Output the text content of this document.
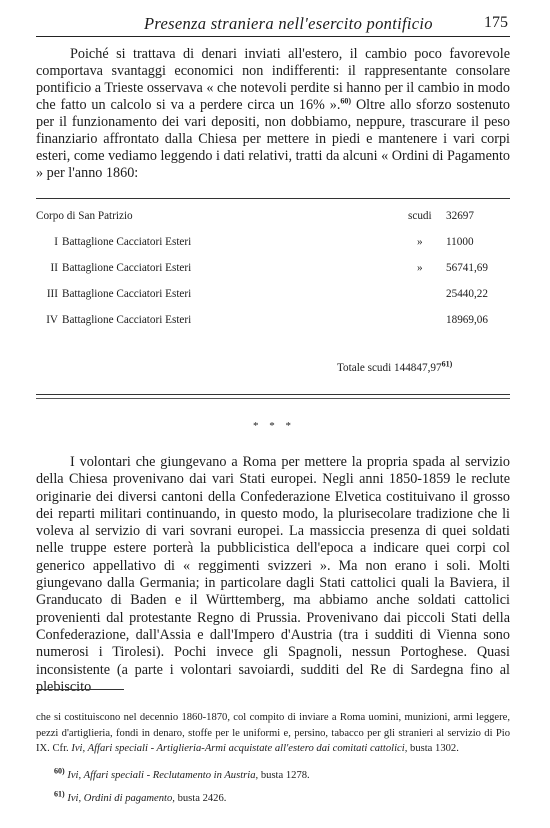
Presenza straniera nell'esercito pontificio	175
Poiché si trattava di denari inviati all'estero, il cambio poco favorevole comportava svantaggi economici non indifferenti: il rappresentante consolare pontificio a Trieste osservava « che notevoli perdite si hanno per il cambio in modo che fatto un calcolo si va a perdere circa un 16% ».$^{60)}$ Oltre allo sforzo sostenuto per il funzionamento dei vari depositi, non dobbiamo, neppure, trascurare il peso finanziario affrontato dalla Chiesa per mettere in piedi e mantenere i vari corpi esteri, come vediamo leggendo i dati relativi, tratti da alcuni « Ordini di Pagamento » per l'anno 1860:
Corpo di San Patrizio	scudi 32697
I Battaglione Cacciatori Esteri	» 11000
II Battaglione Cacciatori Esteri	» 56741,69
III Battaglione Cacciatori Esteri	25440,22
IV Battaglione Cacciatori Esteri	18969,06
Totale scudi 144847,97$^{61)}$
* * *
I volontari che giungevano a Roma per mettere la propria spada al servizio della Chiesa provenivano dai vari Stati europei. Negli anni 1850-1859 le reclute originarie dei diversi cantoni della Confederazione Elvetica costituivano il grosso dei reparti militari continuando, in questo modo, la plurisecolare tradizione che li voleva al servizio di vari sovrani europei. La massiccia presenza di quei soldati nelle truppe estere porterà la pubblicistica dell'epoca a indicare quei corpi col generico appellativo di « reggimenti svizzeri ». Ma non erano i soli. Molti giungevano dalla Germania; in particolare dagli Stati cattolici quali la Baviera, il Granducato di Baden e il Württemberg, ma abbiamo anche soldati cattolici provenienti dal protestante Regno di Prussia. Provenivano dai piccoli Stati della Confederazione, dall'Assia e dall'Impero d'Austria (tra i sudditi di Vienna sono numerosi i Tirolesi). Pochi invece gli Spagnoli, nessun Portoghese. Quasi inconsistente (a parte i volontari savoiardi, sudditi del Re di Sardegna fino al plebiscito
che si costituiscono nel decennio 1860-1870, col compito di inviare a Roma uomini, munizioni, armi leggere, pezzi d'artiglieria, fondi in denaro, stoffe per le uniformi e, persino, tabacco per gli stranieri al servizio di Pio IX. Cfr. Ivi, Affari speciali - Artiglieria-Armi acquistate all'estero dai comitati cattolici, busta 1302.
$^{60)}$ Ivi, Affari speciali - Reclutamento in Austria, busta 1278.
$^{61)}$ Ivi, Ordini di pagamento, busta 2426.
